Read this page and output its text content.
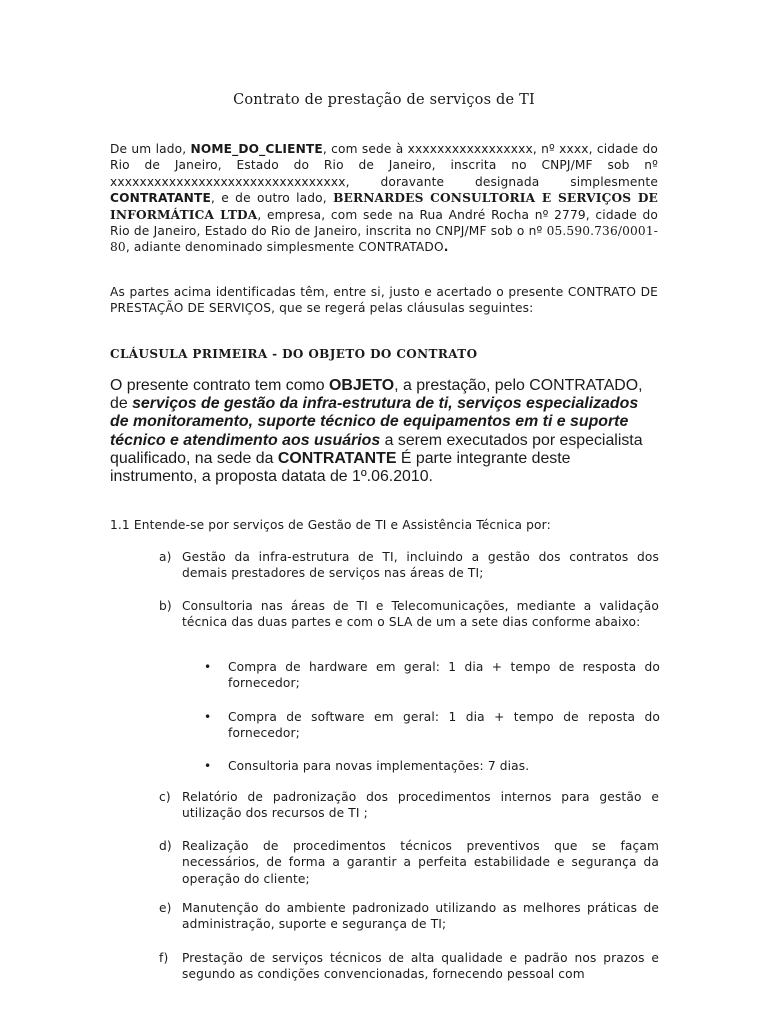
Contrato de prestação de serviços de TI
De um lado, NOME_DO_CLIENTE, com sede à xxxxxxxxxxxxxxxxx, nº xxxx, cidade do Rio de Janeiro, Estado do Rio de Janeiro, inscrita no CNPJ/MF sob nº xxxxxxxxxxxxxxxxxxxxxxxxxxxxxxxx, doravante designada simplesmente CONTRATANTE, e de outro lado, BERNARDES CONSULTORIA E SERVIÇOS DE INFORMÁTICA LTDA, empresa, com sede na Rua André Rocha nº 2779, cidade do Rio de Janeiro, Estado do Rio de Janeiro, inscrita no CNPJ/MF sob o nº 05.590.736/0001-80, adiante denominado simplesmente CONTRATADO.
As partes acima identificadas têm, entre si, justo e acertado o presente CONTRATO DE PRESTAÇÃO DE SERVIÇOS, que se regerá pelas cláusulas seguintes:
CLÁUSULA PRIMEIRA - DO OBJETO DO CONTRATO
O presente contrato tem como OBJETO, a prestação, pelo CONTRATADO, de serviços de gestão da infra-estrutura de ti, serviços especializados de monitoramento, suporte técnico de equipamentos em ti e suporte técnico e atendimento aos usuários a serem executados por especialista qualificado, na sede da CONTRATANTE É parte integrante deste instrumento, a proposta datata de 1º.06.2010.
1.1 Entende-se por serviços de Gestão de TI e Assistência Técnica por:
a) Gestão da infra-estrutura de TI, incluindo a gestão dos contratos dos demais prestadores de serviços nas áreas de TI;
b) Consultoria nas áreas de TI e Telecomunicações, mediante a validação técnica das duas partes e com o SLA de um a sete dias conforme abaixo:
•	Compra de hardware em geral: 1 dia + tempo de resposta do fornecedor;
•	Compra de software em geral: 1 dia + tempo de reposta do fornecedor;
•	Consultoria para novas implementações: 7 dias.
c) Relatório de padronização dos procedimentos internos para gestão e utilização dos recursos de TI ;
d) Realização de procedimentos técnicos preventivos que se façam necessários, de forma a garantir a perfeita estabilidade e segurança da operação do cliente;
e) Manutenção do ambiente padronizado utilizando as melhores práticas de administração, suporte e segurança de TI;
f)	Prestação de serviços técnicos de alta qualidade e padrão nos prazos e segundo as condições convencionadas, fornecendo pessoal com
